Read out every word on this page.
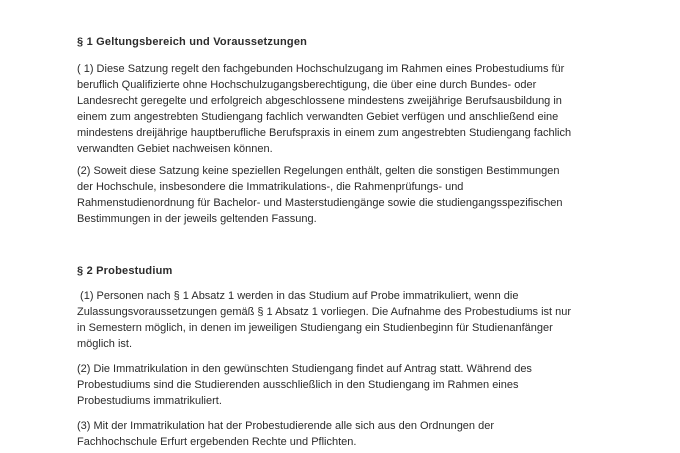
§ 1 Geltungsbereich und Voraussetzungen
( 1) Diese Satzung regelt den fachgebunden Hochschulzugang im Rahmen eines Probestudiums für
beruflich Qualifizierte ohne Hochschulzugangsberechtigung, die über eine durch Bundes- oder
Landesrecht geregelte und erfolgreich abgeschlossene mindestens zweijährige Berufsausbildung in
einem zum angestrebten Studiengang fachlich verwandten Gebiet verfügen und anschließend eine
mindestens dreijährige hauptberufliche Berufspraxis in einem zum angestrebten Studiengang fachlich
verwandten Gebiet nachweisen können.
(2) Soweit diese Satzung keine speziellen Regelungen enthält, gelten die sonstigen Bestimmungen
der Hochschule, insbesondere die Immatrikulations-, die Rahmenprüfungs- und
Rahmenstudienordnung für Bachelor- und Masterstudiengänge sowie die studiengangsspezifischen
Bestimmungen in der jeweils geltenden Fassung.
§ 2 Probestudium
(1) Personen nach § 1 Absatz 1 werden in das Studium auf Probe immatrikuliert, wenn die
Zulassungsvoraussetzungen gemäß § 1 Absatz 1 vorliegen. Die Aufnahme des Probestudiums ist nur
in Semestern möglich, in denen im jeweiligen Studiengang ein Studienbeginn für Studienanfänger
möglich ist.
(2) Die Immatrikulation in den gewünschten Studiengang findet auf Antrag statt. Während des
Probestudiums sind die Studierenden ausschließlich in den Studiengang im Rahmen eines
Probestudiums immatrikuliert.
(3) Mit der Immatrikulation hat der Probestudierende alle sich aus den Ordnungen der
Fachhochschule Erfurt ergebenden Rechte und Pflichten.
